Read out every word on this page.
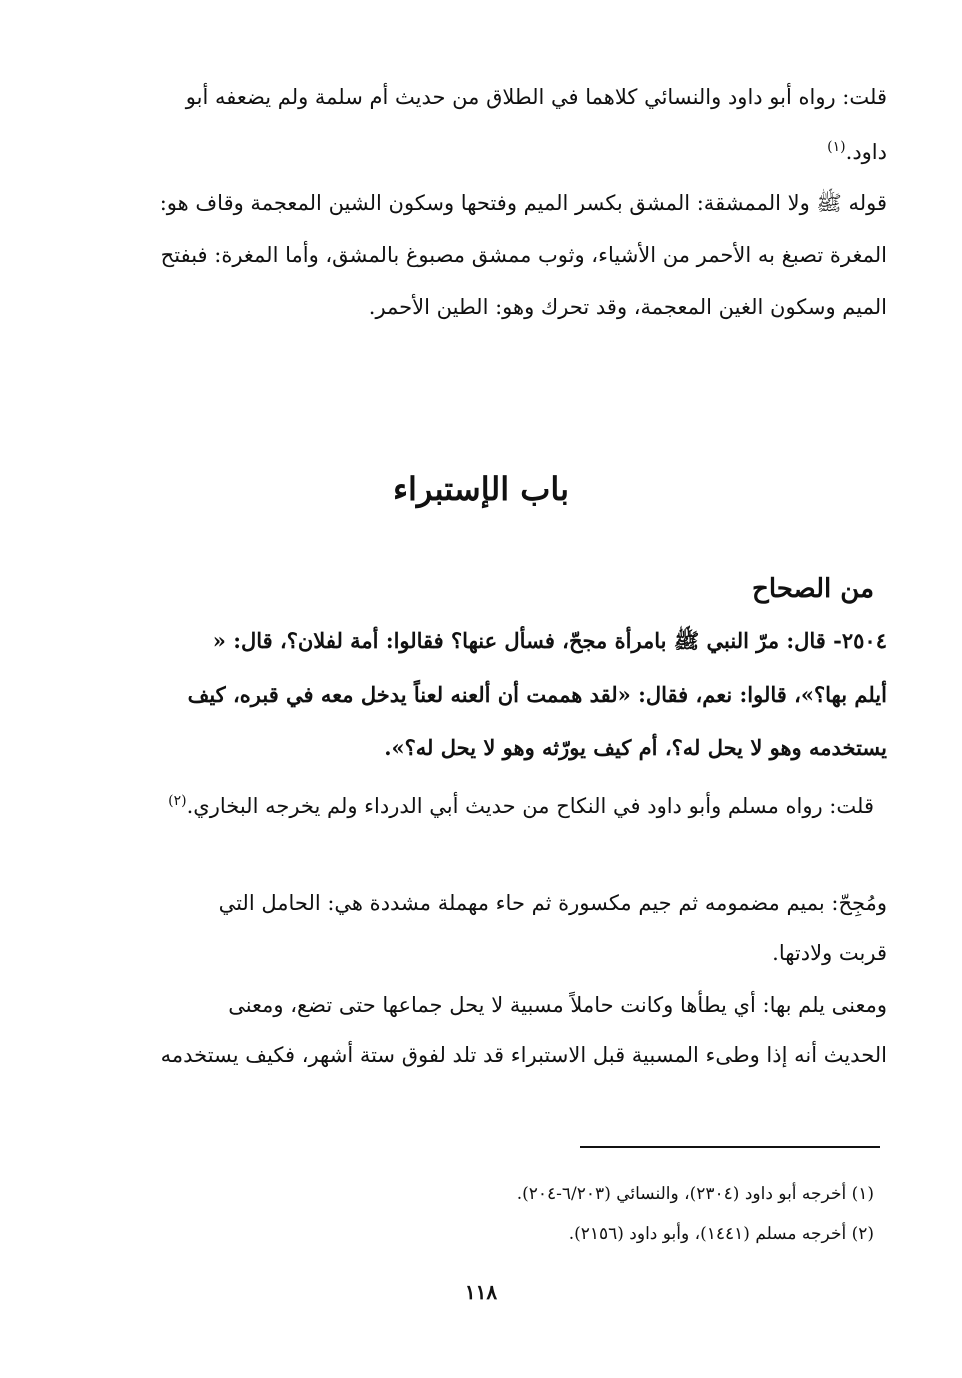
قلت: رواه أبو داود والنسائي كلاهما في الطلاق من حديث أم سلمة ولم يضعفه أبو
داود.$^{(١)}$
قوله ﷺ ولا الممشقة: المشق بكسر الميم وفتحها وسكون الشين المعجمة وقاف هو:
المغرة تصبغ به الأحمر من الأشياء، وثوب ممشق مصبوغ بالمشق، وأما المغرة: فبفتح
الميم وسكون الغين المعجمة، وقد تحرك وهو: الطين الأحمر.
باب الإستبراء
من الصحاح
٢٥٠٤- قال: مرّ النبي ﷺ بامرأة مجحّ، فسأل عنها؟ فقالوا: أمة لفلان؟، قال: «
أيلم بها؟»، قالوا: نعم، فقال: «لقد هممت أن ألعنه لعناً يدخل معه في قبره، كيف
يستخدمه وهو لا يحل له؟، أم كيف يورّثه وهو لا يحل له؟».
قلت: رواه مسلم وأبو داود في النكاح من حديث أبي الدرداء ولم يخرجه البخاري.$^{(٢)}$
ومُجِحّ: بميم مضمومه ثم جيم مكسورة ثم حاء مهملة مشددة هي: الحامل التي
قربت ولادتها.
ومعنى يلم بها: أي يطأها وكانت حاملاً مسبية لا يحل جماعها حتى تضع، ومعنى
الحديث أنه إذا وطىء المسبية قبل الاستبراء قد تلد لفوق ستة أشهر، فكيف يستخدمه
(١) أخرجه أبو داود (٢٣٠٤)، والنسائي (٦/٢٠٣-٢٠٤).
(٢) أخرجه مسلم (١٤٤١)، وأبو داود (٢١٥٦).
١١٨
